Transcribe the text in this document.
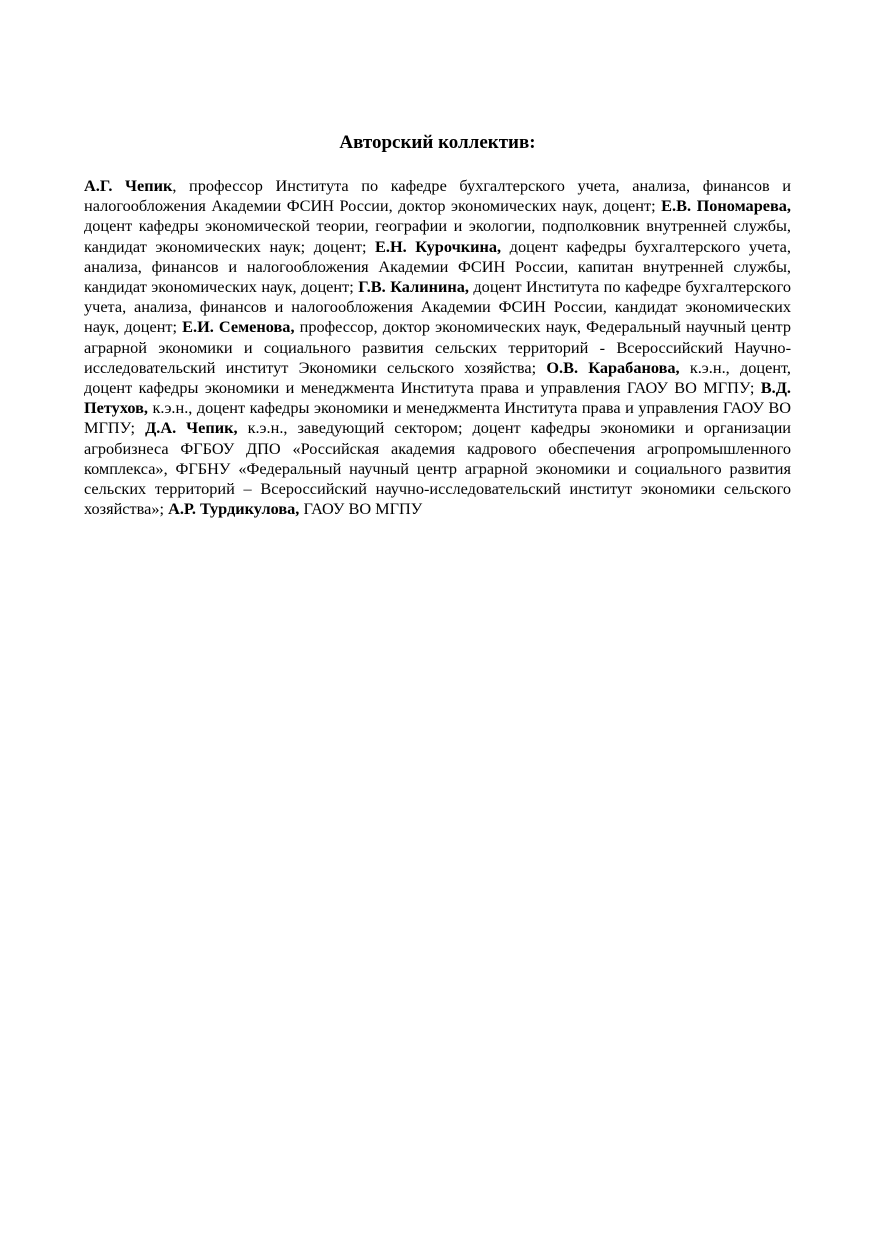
Авторский коллектив:

А.Г. Чепик, профессор Института по кафедре бухгалтерского учета, анализа, финансов и налогообложения Академии ФСИН России, доктор экономических наук, доцент; Е.В. Пономарева, доцент кафедры экономической теории, географии и экологии, подполковник внутренней службы, кандидат экономических наук; доцент; Е.Н. Курочкина, доцент кафедры бухгалтерского учета, анализа, финансов и налогообложения Академии ФСИН России, капитан внутренней службы, кандидат экономических наук, доцент; Г.В. Калинина, доцент Института по кафедре бухгалтерского учета, анализа, финансов и налогообложения Академии ФСИН России, кандидат экономических наук, доцент; Е.И. Семенова, профессор, доктор экономических наук, Федеральный научный центр аграрной экономики и социального развития сельских территорий - Всероссийский Научно-исследовательский институт Экономики сельского хозяйства; О.В. Карабанова, к.э.н., доцент, доцент кафедры экономики и менеджмента Института права и управления ГАОУ ВО МГПУ; В.Д. Петухов, к.э.н., доцент кафедры экономики и менеджмента Института права и управления ГАОУ ВО МГПУ; Д.А. Чепик, к.э.н., заведующий сектором; доцент кафедры экономики и организации агробизнеса ФГБОУ ДПО «Российская академия кадрового обеспечения агропромышленного комплекса», ФГБНУ «Федеральный научный центр аграрной экономики и социального развития сельских территорий – Всероссийский научно-исследовательский институт экономики сельского хозяйства»; А.Р. Турдикулова, ГАОУ ВО МГПУ
